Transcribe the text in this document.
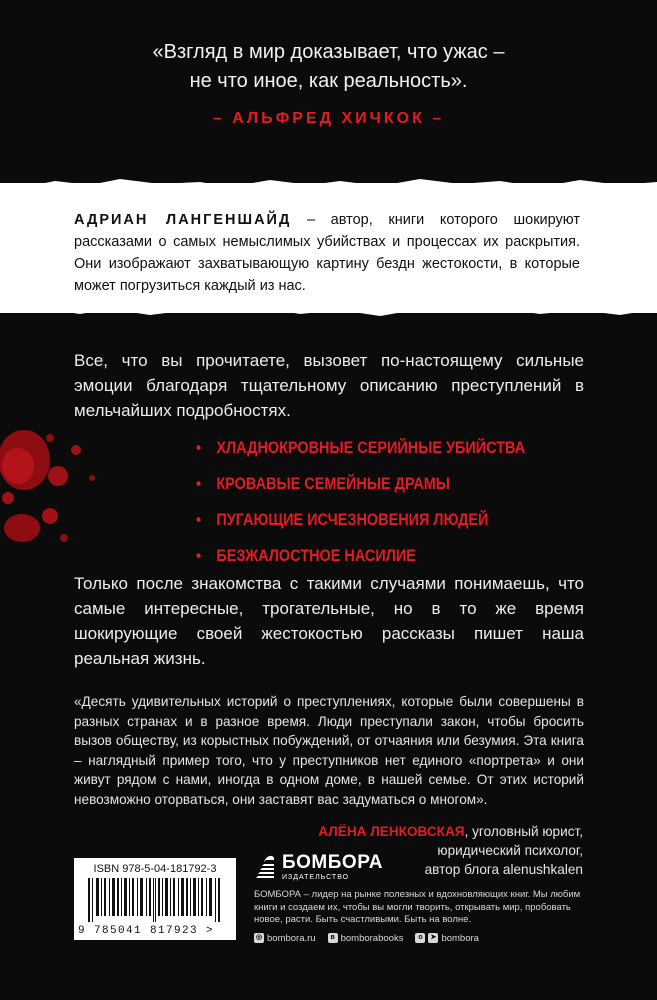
«Взгляд в мир доказывает, что ужас –
не что иное, как реальность».
– АЛЬФРЕД ХИЧКОК –
АДРИАН ЛАНГЕНШАЙД – автор, книги которого шокируют рассказами о самых немыслимых убийствах и процессах их раскрытия. Они изображают захватывающую картину бездн жестокости, в которые может погрузиться каждый из нас.
Все, что вы прочитаете, вызовет по-настоящему сильные эмоции благодаря тщательному описанию преступлений в мельчайших подробностях.
• ХЛАДНОКРОВНЫЕ СЕРИЙНЫЕ УБИЙСТВА
• КРОВАВЫЕ СЕМЕЙНЫЕ ДРАМЫ
• ПУГАЮЩИЕ ИСЧЕЗНОВЕНИЯ ЛЮДЕЙ
• БЕЗЖАЛОСТНОЕ НАСИЛИЕ
Только после знакомства с такими случаями понимаешь, что самые интересные, трогательные, но в то же время шокирующие своей жестокостью рассказы пишет наша реальная жизнь.
«Десять удивительных историй о преступлениях, которые были совершены в разных странах и в разное время. Люди преступали закон, чтобы бросить вызов обществу, из корыстных побуждений, от отчаяния или безумия. Эта книга – наглядный пример того, что у преступников нет единого «портрета» и они живут рядом с нами, иногда в одном доме, в нашей семье. От этих историй невозможно оторваться, они заставят вас задуматься о многом».
АЛЁНА ЛЕНКОВСКАЯ, уголовный юрист,
юридический психолог,
автор блога alenushkalen
ISBN 978-5-04-181792-3
9 785041 817923 >
БОМБОРА
ИЗДАТЕЛЬСТВО
БОМБОРА – лидер на рынке полезных и вдохновляющих книг. Мы любим книги и создаем их, чтобы вы могли творить, открывать мир, пробовать новое, расти. Быть счастливыми. Быть на волне.
◎ bombora.ru	в bomborabooks	o	➤ bombora
